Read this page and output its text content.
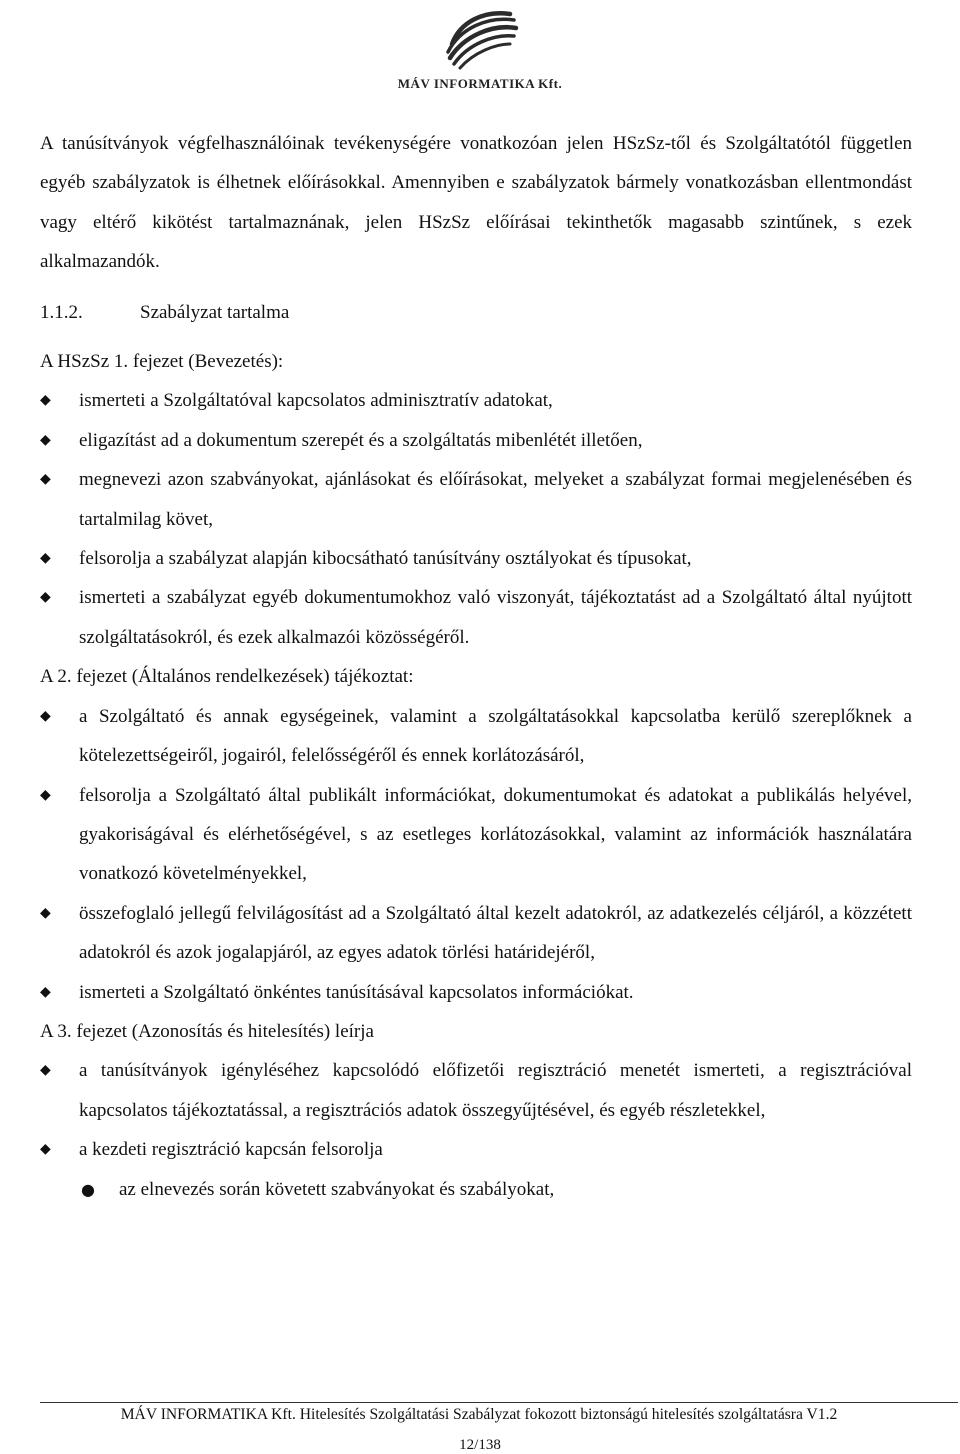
MÁV INFORMATIKA Kft.

A tanúsítványok végfelhasználóinak tevékenységére vonatkozóan jelen HSzSz-től és Szolgáltatótól független egyéb szabályzatok is élhetnek előírásokkal. Amennyiben e szabályzatok bármely vonatkozásban ellentmondást vagy eltérő kikötést tartalmaznának, jelen HSzSz előírásai tekinthetők magasabb szintűnek, s ezek alkalmazandók.

1.1.2.	Szabályzat tartalma

A HSzSz 1. fejezet (Bevezetés):

◆ ismerteti a Szolgáltatóval kapcsolatos adminisztratív adatokat,

◆ eligazítást ad a dokumentum szerepét és a szolgáltatás mibenlétét illetően,

◆ megnevezi azon szabványokat, ajánlásokat és előírásokat, melyeket a szabályzat formai megjelenésében és tartalmilag követ,

◆ felsorolja a szabályzat alapján kibocsátható tanúsítvány osztályokat és típusokat,

◆ ismerteti a szabályzat egyéb dokumentumokhoz való viszonyát, tájékoztatást ad a Szolgáltató által nyújtott szolgáltatásokról, és ezek alkalmazói közösségéről.

A 2. fejezet (Általános rendelkezések) tájékoztat:

◆ a Szolgáltató és annak egységeinek, valamint a szolgáltatásokkal kapcsolatba kerülő szereplőknek a kötelezettségeiről, jogairól, felelősségéről és ennek korlátozásáról,

◆ felsorolja a Szolgáltató által publikált információkat, dokumentumokat és adatokat a publikálás helyével, gyakoriságával és elérhetőségével, s az esetleges korlátozásokkal, valamint az információk használatára vonatkozó követelményekkel,

◆ összefoglaló jellegű felvilágosítást ad a Szolgáltató által kezelt adatokról, az adatkezelés céljáról, a közzétett adatokról és azok jogalapjáról, az egyes adatok törlési határidejéről,

◆ ismerteti a Szolgáltató önkéntes tanúsításával kapcsolatos információkat.

A 3. fejezet (Azonosítás és hitelesítés) leírja

◆ a tanúsítványok igényléséhez kapcsolódó előfizetői regisztráció menetét ismerteti, a regisztrációval kapcsolatos tájékoztatással, a regisztrációs adatok összegyűjtésével, és egyéb részletekkel,

◆ a kezdeti regisztráció kapcsán felsorolja

● az elnevezés során követett szabványokat és szabályokat,

MÁV INFORMATIKA Kft. Hitelesítés Szolgáltatási Szabályzat fokozott biztonságú hitelesítés szolgáltatásra V1.2
12/138
